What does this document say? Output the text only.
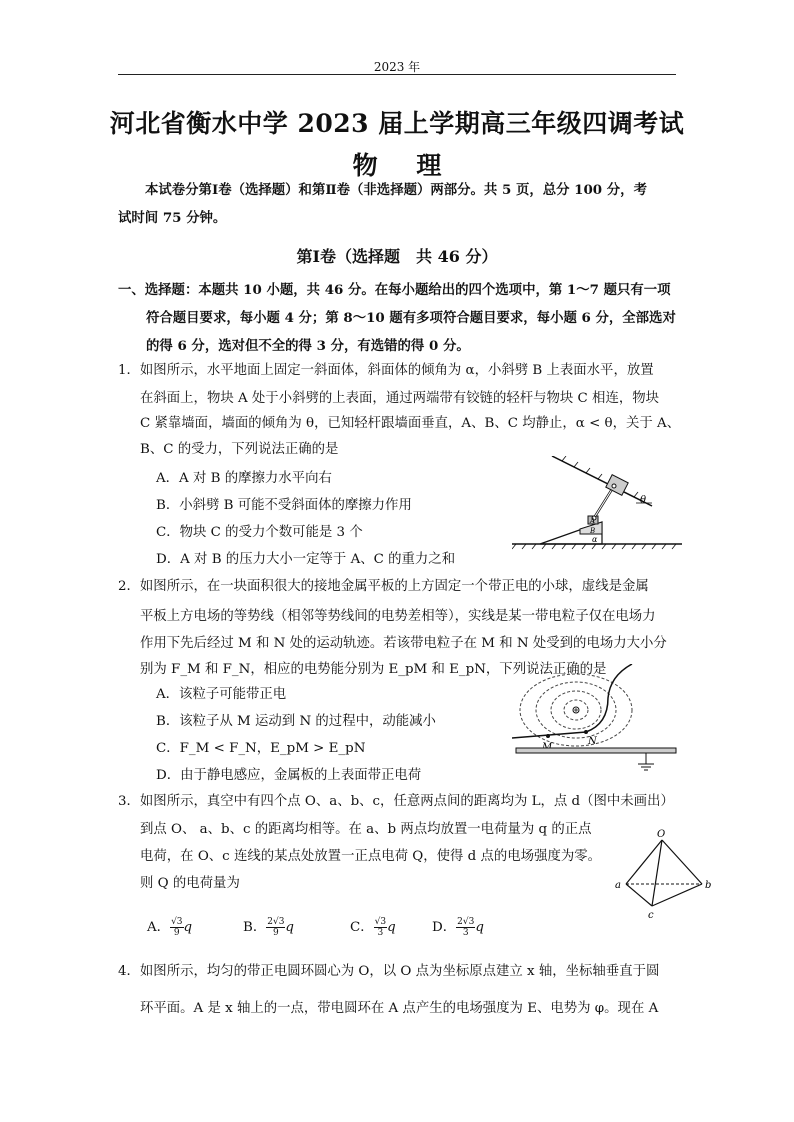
2023 年
河北省衡水中学 2023 届上学期高三年级四调考试
物 理
本试卷分第Ⅰ卷（选择题）和第Ⅱ卷（非选择题）两部分。共 5 页，总分 100 分，考
试时间 75 分钟。
第Ⅰ卷（选择题　共 46 分）
一、选择题：本题共 10 小题，共 46 分。在每小题给出的四个选项中，第 1～7 题只有一项
符合题目要求，每小题 4 分；第 8～10 题有多项符合题目要求，每小题 6 分，全部选对
的得 6 分，选对但不全的得 3 分，有选错的得 0 分。
1．如图所示，水平地面上固定一斜面体，斜面体的倾角为 α，小斜劈 B 上表面水平，放置
在斜面上，物块 A 处于小斜劈的上表面，通过两端带有铰链的轻杆与物块 C 相连，物块
C 紧靠墙面，墙面的倾角为 θ，已知轻杆跟墙面垂直，A、B、C 均静止，α < θ，关于 A、
B、C 的受力，下列说法正确的是
A．A 对 B 的摩擦力水平向右
B．小斜劈 B 可能不受斜面体的摩擦力作用
C．物块 C 的受力个数可能是 3 个
D．A 对 B 的压力大小一定等于 A、C 的重力之和
θ
α
A
B
2．如图所示，在一块面积很大的接地金属平板的上方固定一个带正电的小球，虚线是金属
平板上方电场的等势线（相邻等势线间的电势差相等），实线是某一带电粒子仅在电场力
作用下先后经过 M 和 N 处的运动轨迹。若该带电粒子在 M 和 N 处受到的电场力大小分
别为 F_M 和 F_N，相应的电势能分别为 E_pM 和 E_pN，下列说法正确的是
A．该粒子可能带正电
B．该粒子从 M 运动到 N 的过程中，动能减小
C．F_M < F_N，E_pM > E_pN
D．由于静电感应，金属板的上表面带正电荷
N
3．如图所示，真空中有四个点 O、a、b、c，任意两点间的距离均为 L，点 d（图中未画出）
到点 O、 a、b、c 的距离均相等。在 a、b 两点均放置一电荷量为 q 的正点
电荷，在 O、c 连线的某点处放置一正点电荷 Q，使得 d 点的电场强度为零。
则 Q 的电荷量为
A． $\frac{√3}{9}$ q	B． $\frac{2√3}{9}$ q	C． $\frac{√3}{3}$ q	D． $\frac{2√3}{3}$ q
O
a	b
c
4．如图所示，均匀的带正电圆环圆心为 O，以 O 点为坐标原点建立 x 轴，坐标轴垂直于圆
环平面。A 是 x 轴上的一点，带电圆环在 A 点产生的电场强度为 E、电势为 φ。现在 A
